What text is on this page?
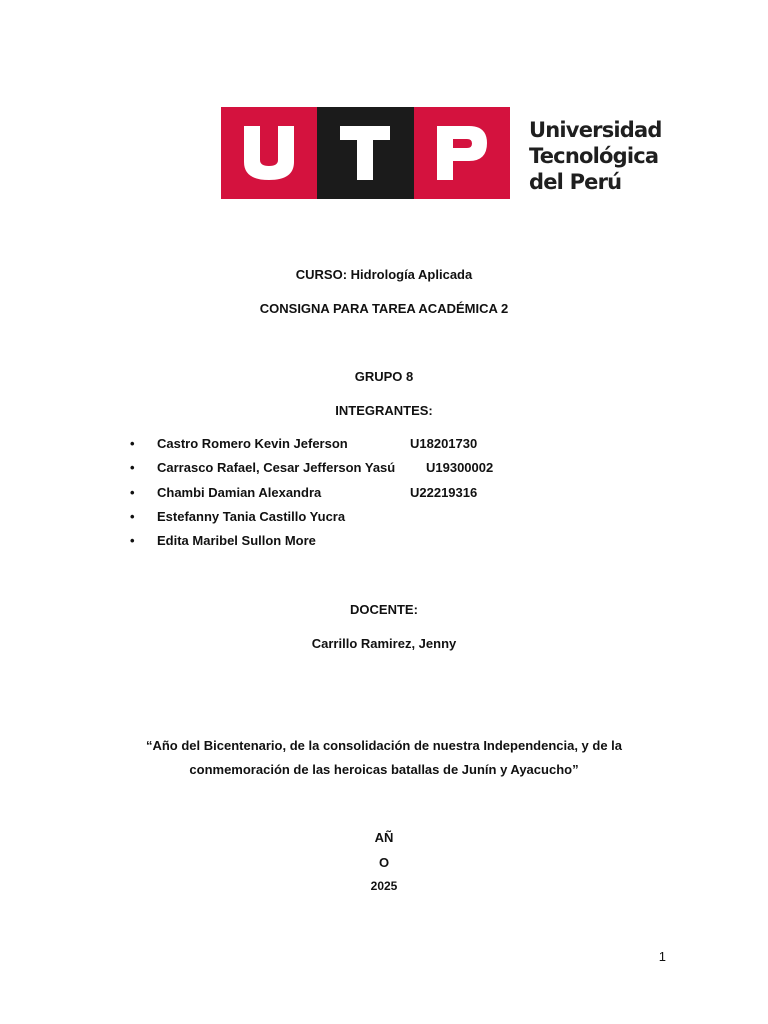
Universidad
Tecnológica
del Perú
CURSO: Hidrología Aplicada
CONSIGNA PARA TAREA ACADÉMICA 2
GRUPO 8
INTEGRANTES:
• Castro Romero Kevin Jeferson	U18201730
• Carrasco Rafael, Cesar Jefferson Yasú U19300002
• Chambi Damian Alexandra	U22219316
• Estefanny Tania Castillo Yucra
• Edita Maribel Sullon More
DOCENTE:
Carrillo Ramirez, Jenny
“Año del Bicentenario, de la consolidación de nuestra Independencia, y de la
conmemoración de las heroicas batallas de Junín y Ayacucho”
AÑ
O
2025
1
